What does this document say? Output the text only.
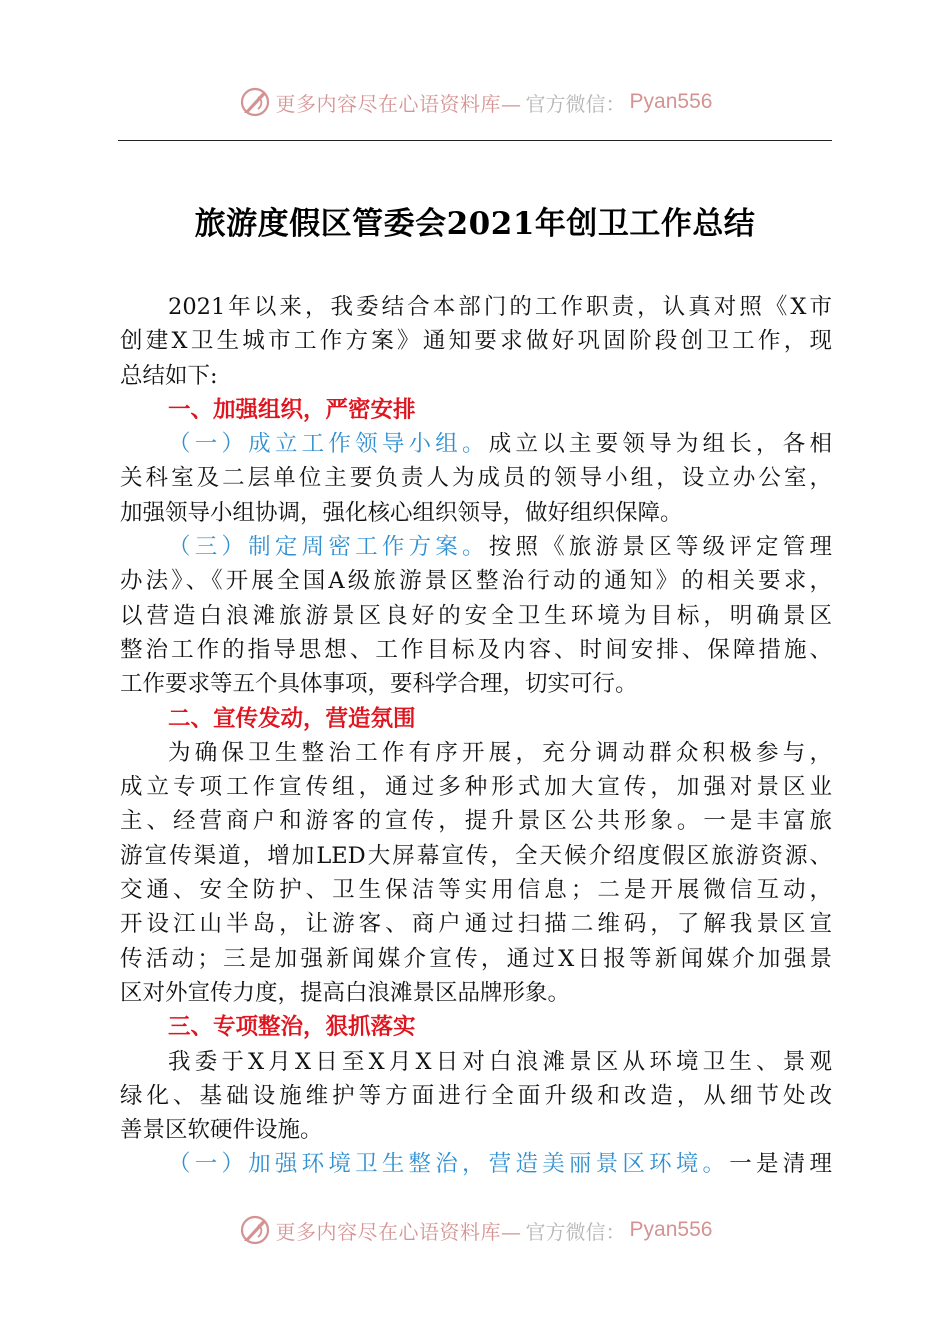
更多内容尽在心语资料库— 官方微信： Pyan556
旅游度假区管委会2021年创卫工作总结
2021年以来，我委结合本部门的工作职责，认真对照《X市
创建X卫生城市工作方案》通知要求做好巩固阶段创卫工作，现
总结如下:
一、加强组织，严密安排
（一）成立工作领导小组。成立以主要领导为组长，各相
关科室及二层单位主要负责人为成员的领导小组，设立办公室，
加强领导小组协调，强化核心组织领导，做好组织保障。
（三）制定周密工作方案。按照《旅游景区等级评定管理
办法》、《开展全国A级旅游景区整治行动的通知》的相关要求，
以营造白浪滩旅游景区良好的安全卫生环境为目标，明确景区
整治工作的指导思想、工作目标及内容、时间安排、保障措施、
工作要求等五个具体事项，要科学合理，切实可行。
二、宣传发动，营造氛围
为确保卫生整治工作有序开展，充分调动群众积极参与，
成立专项工作宣传组，通过多种形式加大宣传，加强对景区业
主、经营商户和游客的宣传，提升景区公共形象。一是丰富旅
游宣传渠道，增加LED大屏幕宣传，全天候介绍度假区旅游资源、
交通、安全防护、卫生保洁等实用信息；二是开展微信互动，
开设江山半岛，让游客、商户通过扫描二维码，了解我景区宣
传活动；三是加强新闻媒介宣传，通过X日报等新闻媒介加强景
区对外宣传力度，提高白浪滩景区品牌形象。
三、专项整治，狠抓落实
我委于X月X日至X月X日对白浪滩景区从环境卫生、景观
绿化、基础设施维护等方面进行全面升级和改造，从细节处改
善景区软硬件设施。
（一）加强环境卫生整治，营造美丽景区环境。一是清理
更多内容尽在心语资料库— 官方微信： Pyan556
